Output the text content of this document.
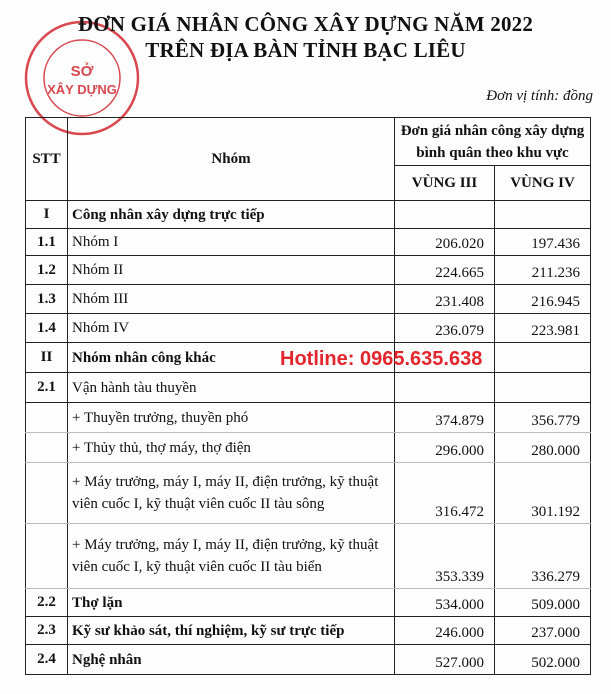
SỞ
XÂY DỰNG
ĐƠN GIÁ NHÂN CÔNG XÂY DỰNG NĂM 2022
TRÊN ĐỊA BÀN TỈNH BẠC LIÊU
Đơn vị tính: đồng
STT	Nhóm	Đơn giá nhân công xây dựng bình quân theo khu vực	
		VÙNG III	VÙNG IV
I	Công nhân xây dựng trực tiếp		
1.1	Nhóm I	206.020	197.436
1.2	Nhóm II	224.665	211.236
1.3	Nhóm III	231.408	216.945
1.4	Nhóm IV	236.079	223.981
II	Nhóm nhân công khác		
2.1	Vận hành tàu thuyền		
	+ Thuyền trưởng, thuyền phó	374.879	356.779
	+ Thủy thủ, thợ máy, thợ điện	296.000	280.000
	+ Máy trưởng, máy I, máy II, điện trưởng, kỹ thuật viên cuốc I, kỹ thuật viên cuốc II tàu sông	316.472	301.192
	+ Máy trưởng, máy I, máy II, điện trưởng, kỹ thuật viên cuốc I, kỹ thuật viên cuốc II tàu biển	353.339	336.279
2.2	Thợ lặn	534.000	509.000
2.3	Kỹ sư khảo sát, thí nghiệm, kỹ sư trực tiếp	246.000	237.000
2.4	Nghệ nhân	527.000	502.000
Hotline: 0965.635.638
